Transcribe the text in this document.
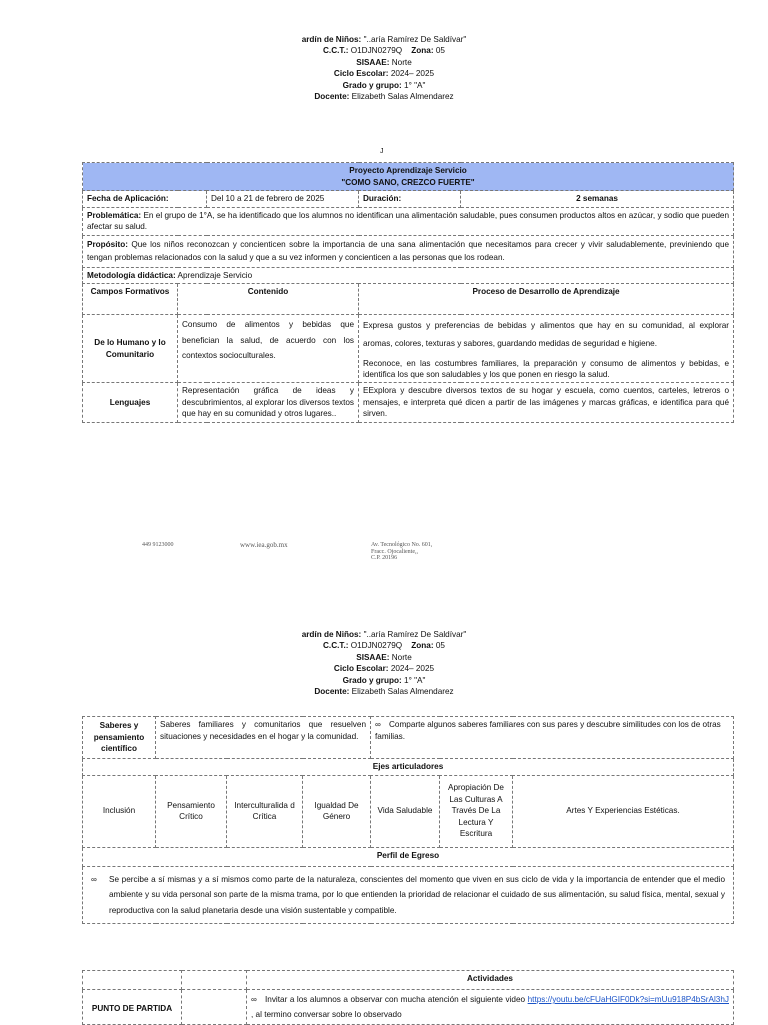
ardín de Niños: "..aría Ramírez De Saldívar"
C.C.T.: O1DJN0279Q Zona: 05
SISAAE: Norte
Ciclo Escolar: 2024– 2025
Grado y grupo: 1° "A"
Docente: Elizabeth Salas Almendarez
J
Proyecto Aprendizaje Servicio
"COMO SANO, CREZCO FUERTE"				

Fecha de Aplicación:		Del 10 a 21 de febrero de 2025	Duración:	2 semanas
Problemática: En el grupo de 1°A, se ha identificado que los alumnos no identifican una alimentación saludable, pues consumen productos altos en azúcar, y sodio que pueden afectar su salud.				
Propósito: Que los niños reconozcan y concienticen sobre la importancia de una sana alimentación que necesitamos para crecer y vivir saludablemente, previniendo que tengan problemas relacionados con la salud y que a su vez informen y concienticen a las personas que los rodean.				
Metodología didáctica: Aprendizaje Servicio				
Campos Formativos	Contenido		Proceso de Desarrollo de Aprendizaje	
De lo Humano y lo Comunitario	Consumo de alimentos y bebidas que benefician la salud, de acuerdo con los contextos socioculturales.		Expresa gustos y preferencias de bebidas y alimentos que hay en su comunidad, al explorar aromas, colores, texturas y sabores, guardando medidas de seguridad e higiene.
Reconoce, en las costumbres familiares, la preparación y consumo de alimentos y bebidas, e identifica los que son saludables y los que ponen en riesgo la salud.	

Lenguajes	Representación gráfica de ideas y descubrimientos, al explorar los diversos textos que hay en su comunidad y otros lugares..		EExplora y descubre diversos textos de su hogar y escuela, como cuentos, carteles, letreros o mensajes, e interpreta qué dicen a partir de las imágenes y marcas gráficas, e identifica para qué sirven.	
449 9123000	www.iea.gob.mx	Av. Tecnológico No. 601,
Fracc. Ojocaliente,,
C.P. 20196
ardín de Niños: "..aría Ramírez De Saldívar"
C.C.T.: O1DJN0279Q Zona: 05
SISAAE: Norte
Ciclo Escolar: 2024– 2025
Grado y grupo: 1° "A"
Docente: Elizabeth Salas Almendarez
Saberes y pensamiento científico	Saberes familiares y comunitarios que resuelven situaciones y necesidades en el hogar y la comunidad.			∞ Comparte algunos saberes familiares con sus pares y descubre similitudes con los de otras familias.		
Ejes articuladores						
Inclusión	Pensamiento Crítico	Interculturalida d Crítica	Igualdad De Género	Vida Saludable	Apropiación De Las Culturas A Través De La Lectura Y Escritura	Artes Y Experiencias Estéticas.
Perfil de Egreso						

∞ Se percibe a sí mismas y a sí mismos como parte de la naturaleza, conscientes del momento que viven en sus ciclo de vida y la importancia de entender que el medio ambiente y su vida personal son parte de la misma trama, por lo que entienden la prioridad de relacionar el cuidado de sus alimentación, su salud física, mental, sexual y reproductiva con la salud planetaria desde una visión sustentable y compatible.						
		Actividades
PUNTO DE PARTIDA		∞ Invitar a los alumnos a observar con mucha atención el siguiente video https://youtu.be/cFUaHGIF0Dk?si=mUu918P4bSrAl3hJ , al termino conversar sobre lo observado
